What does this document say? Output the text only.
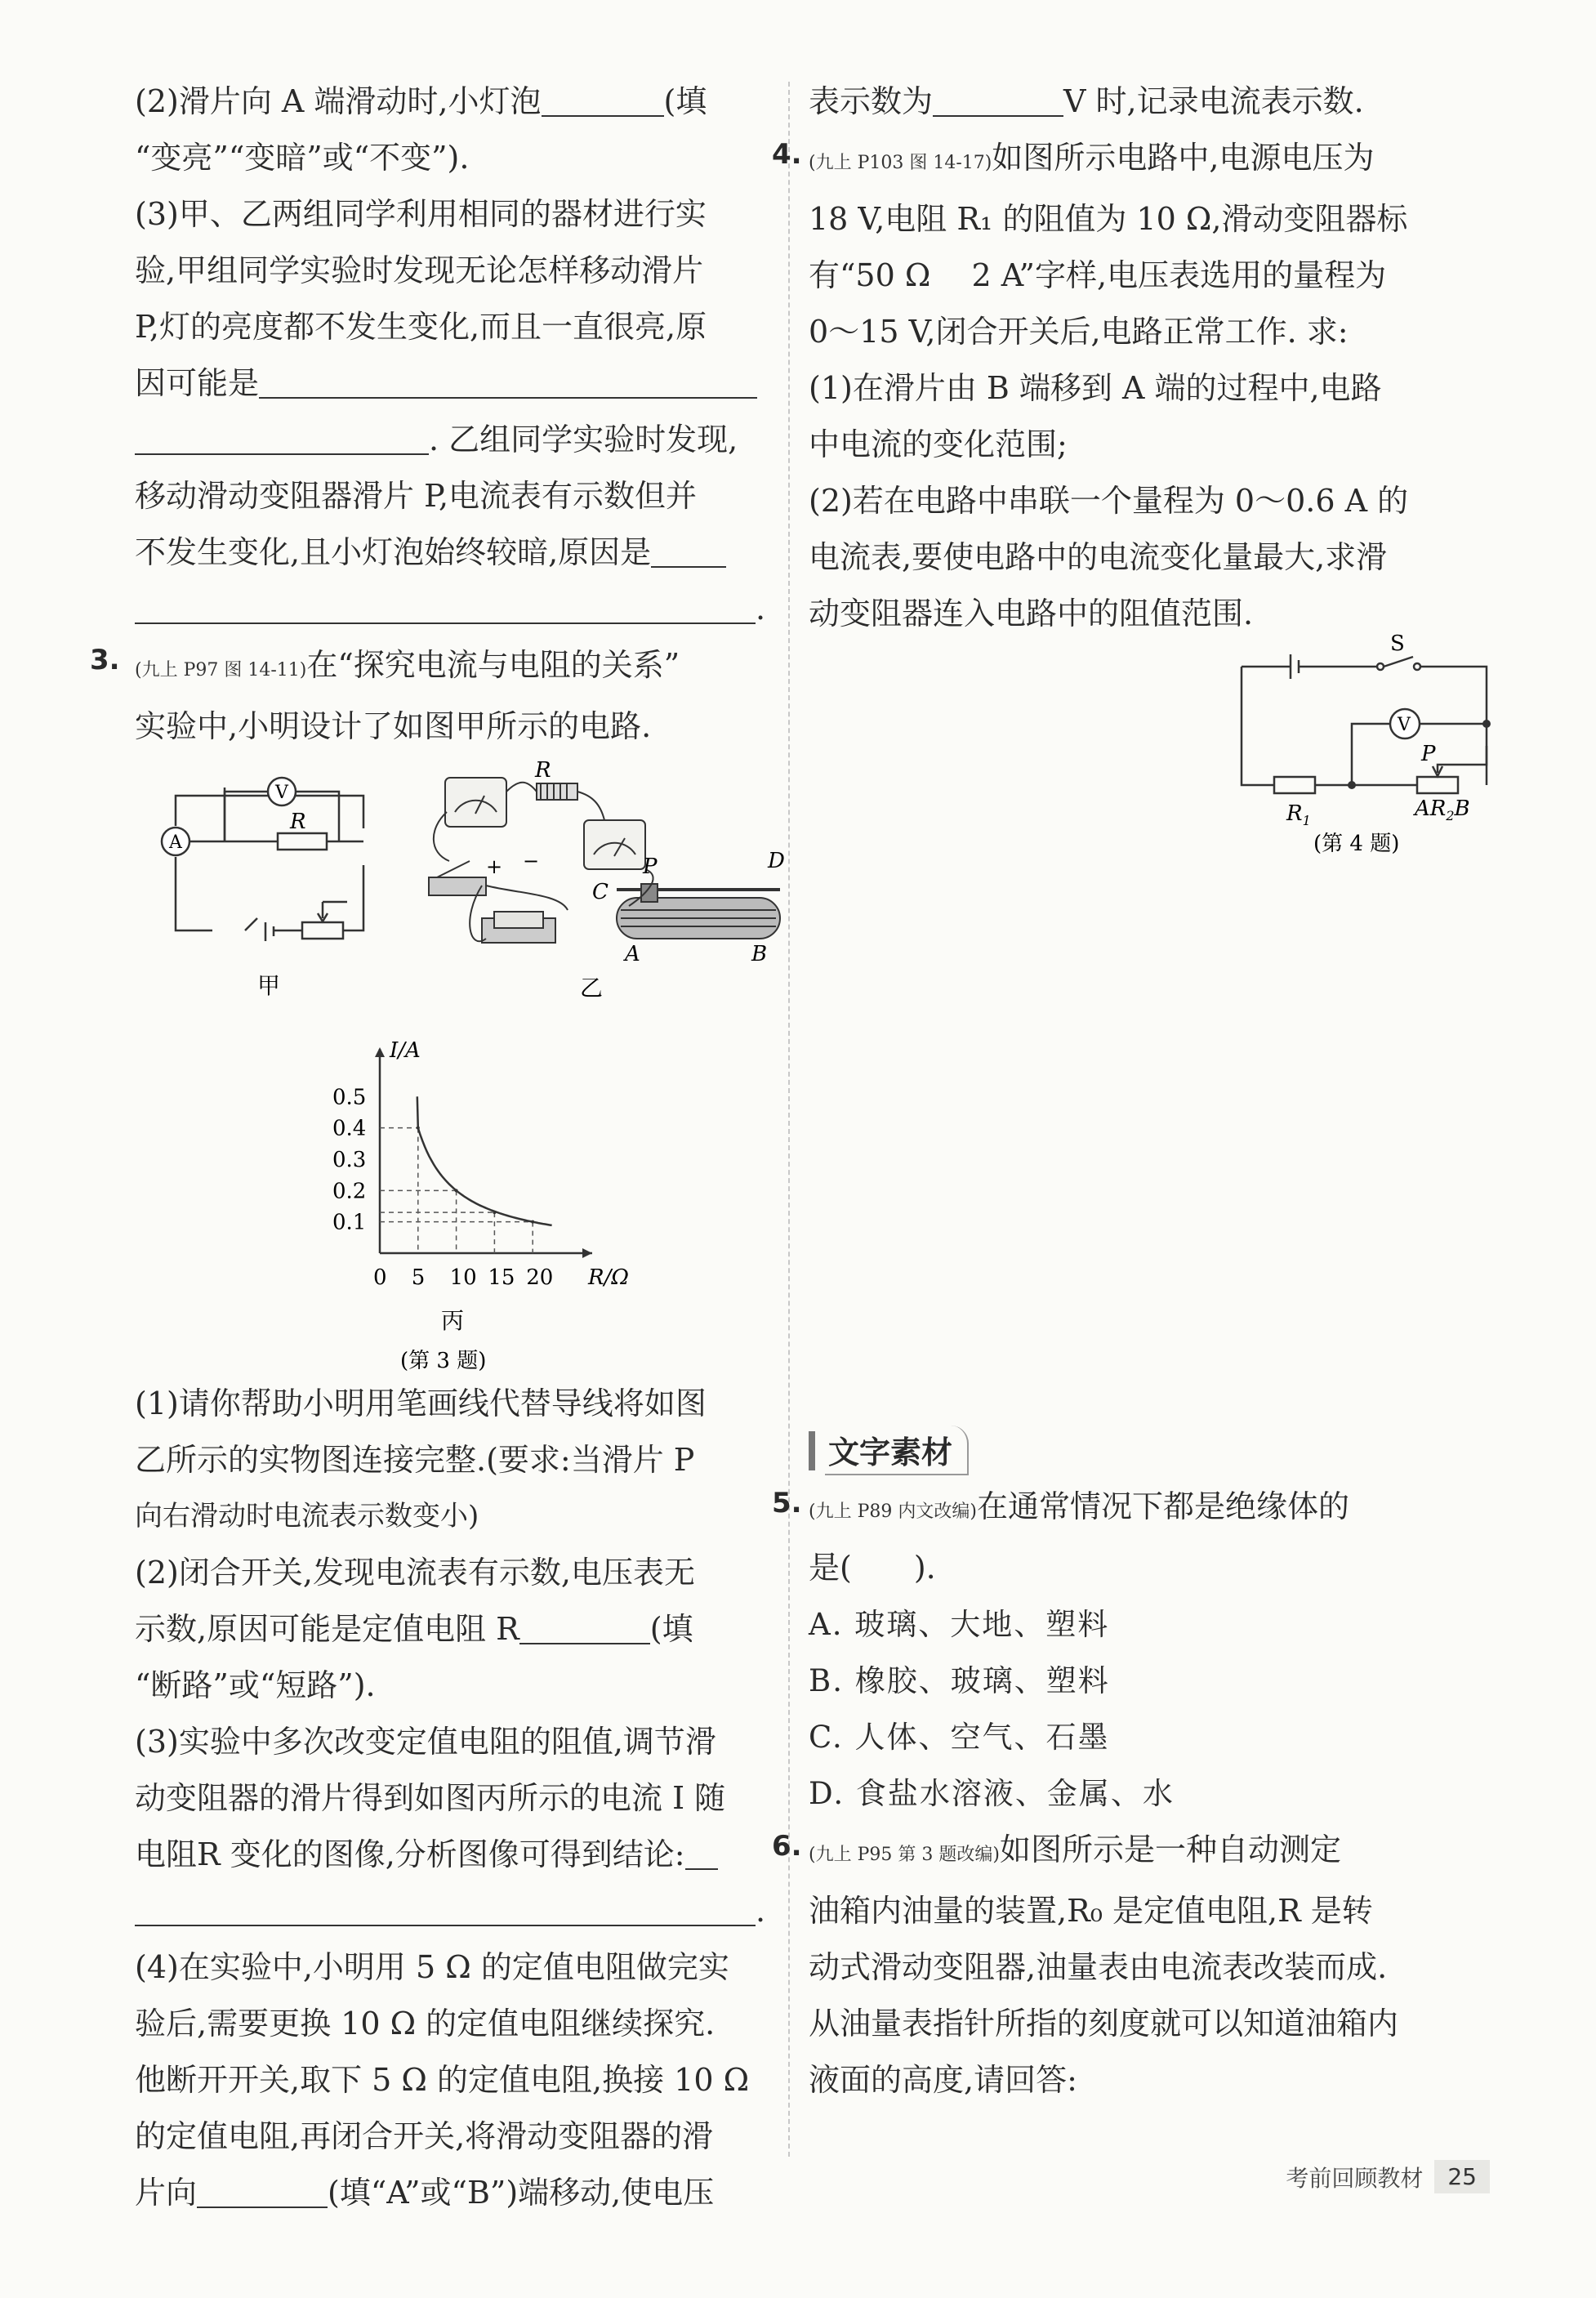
(2)滑片向 A 端滑动时,小灯泡	(填

“变亮”“变暗”或“不变”).

(3)甲、乙两组同学利用相同的器材进行实

验,甲组同学实验时发现无论怎样移动滑片

P,灯的亮度都不发生变化,而且一直很亮,原

因可能是

. 乙组同学实验时发现,

移动滑动变阻器滑片 P,电流表有示数但并

不发生变化,且小灯泡始终较暗,原因是

.

3. (九上 P97 图 14-11)在“探究电流与电阻的关系”

实验中,小明设计了如图甲所示的电路.

V
A
R
甲
R
+ −
C
P	D
A	B
乙
0.1
0.2
0.3
0.4
0.5
0 5 10 15 20
I/A
R/Ω
丙
(第 3 题)

(1)请你帮助小明用笔画线代替导线将如图

乙所示的实物图连接完整.(要求:当滑片 P

向右滑动时电流表示数变小)

(2)闭合开关,发现电流表有示数,电压表无

示数,原因可能是定值电阻 R	(填

“断路”或“短路”).

(3)实验中多次改变定值电阻的阻值,调节滑

动变阻器的滑片得到如图丙所示的电流 I 随

电阻R 变化的图像,分析图像可得到结论:

.

(4)在实验中,小明用 5 Ω 的定值电阻做完实

验后,需要更换 10 Ω 的定值电阻继续探究.

他断开开关,取下 5 Ω 的定值电阻,换接 10 Ω

的定值电阻,再闭合开关,将滑动变阻器的滑

片向	(填“A”或“B”)端移动,使电压

表示数为	V 时,记录电流表示数.

4. (九上 P103 图 14-17)如图所示电路中,电源电压为

18 V,电阻 R₁ 的阻值为 10 Ω,滑动变阻器标

有“50 Ω　 2 A”字样,电压表选用的量程为

0～15 V,闭合开关后,电路正常工作. 求:

(1)在滑片由 B 端移到 A 端的过程中,电路

中电流的变化范围;

(2)若在电路中串联一个量程为 0～0.6 A 的

电流表,要使电路中的电流变化量最大,求滑

动变阻器连入电路中的阻值范围.

V
S
P
$R_1$	$AR_2B$
(第 4 题)
文字素材
5. (九上 P89 内文改编)在通常情况下都是绝缘体的

是(　　).

A. 玻璃、大地、塑料

B. 橡胶、玻璃、塑料

C. 人体、空气、石墨

D. 食盐水溶液、金属、水

6. (九上 P95 第 3 题改编)如图所示是一种自动测定

油箱内油量的装置,R₀ 是定值电阻,R 是转

动式滑动变阻器,油量表由电流表改装而成.

从油量表指针所指的刻度就可以知道油箱内

液面的高度,请回答:

考前回顾教材	25
